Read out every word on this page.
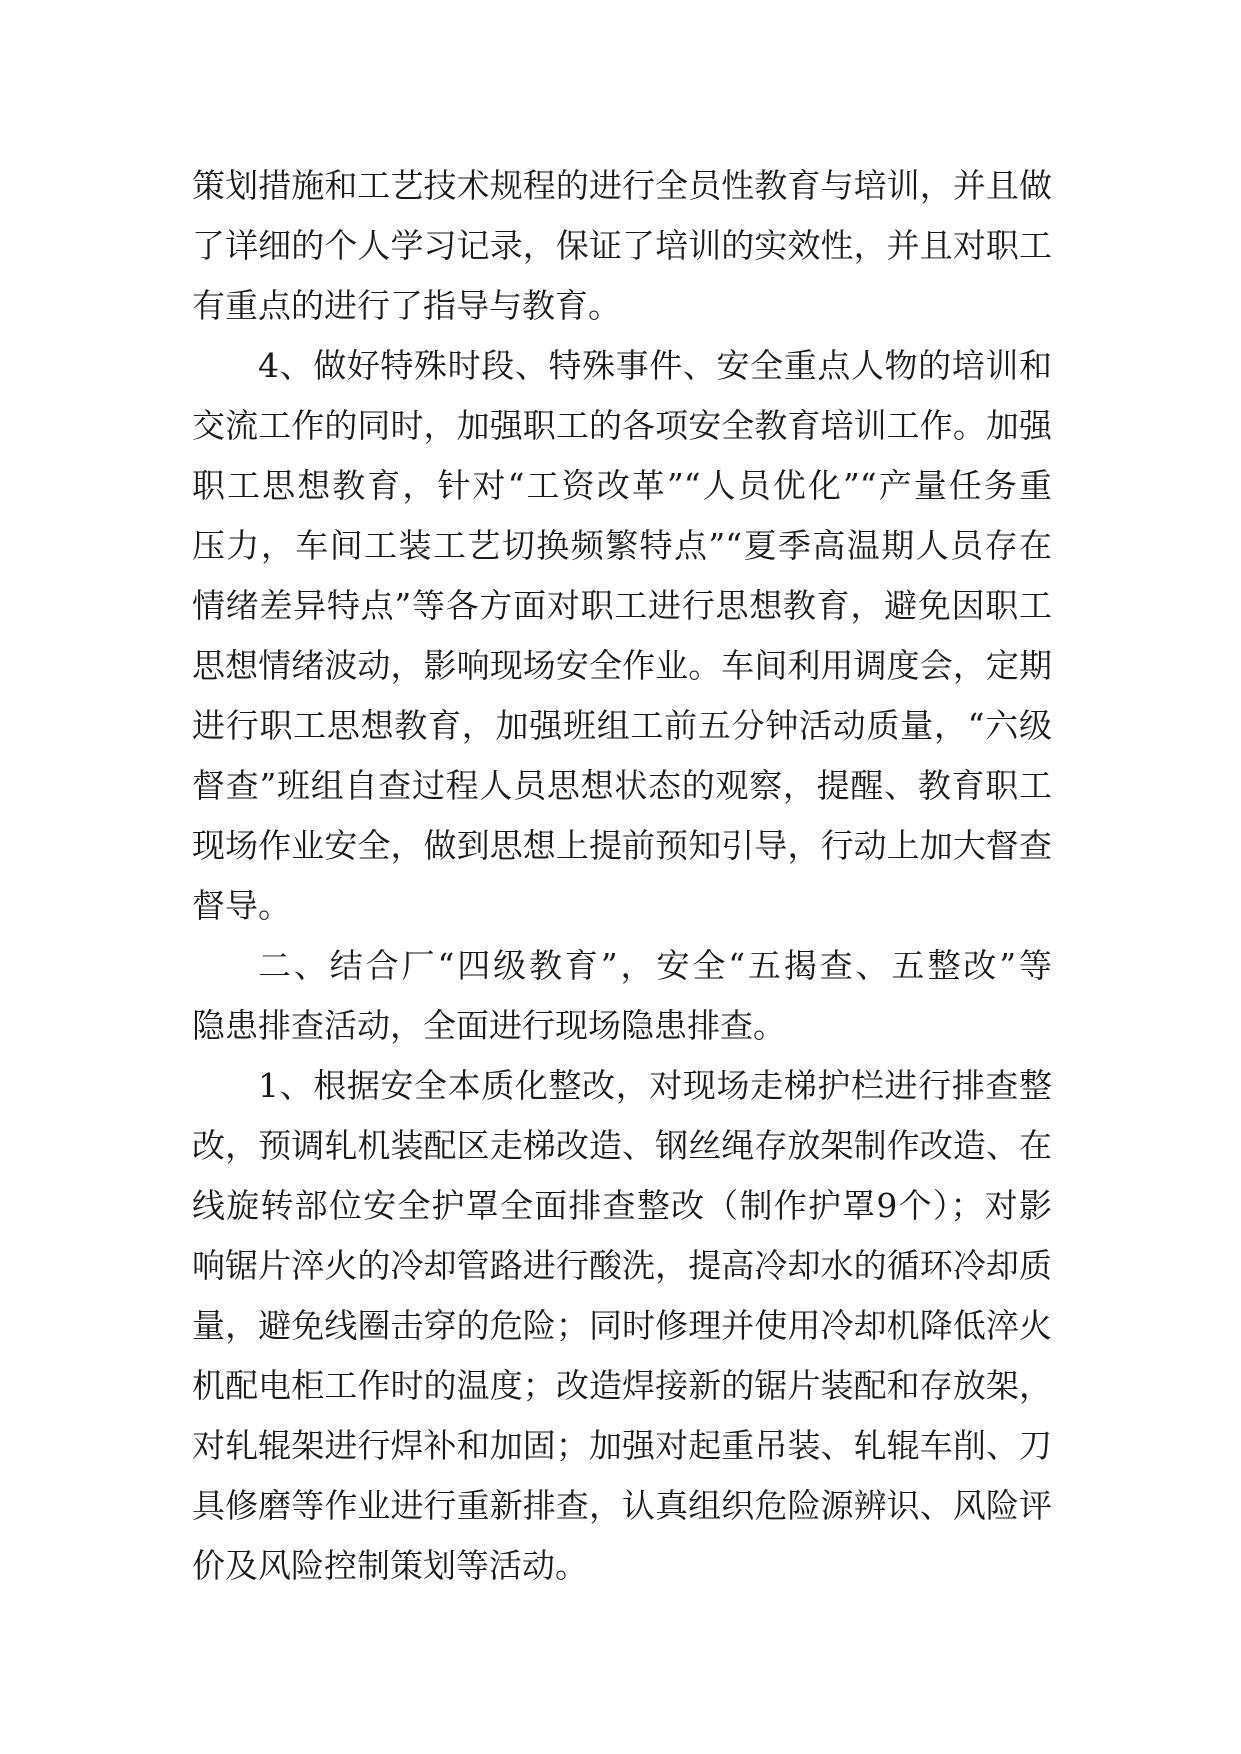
策划措施和工艺技术规程的进行全员性教育与培训，并且做
了详细的个人学习记录，保证了培训的实效性，并且对职工
有重点的进行了指导与教育。
4、做好特殊时段、特殊事件、安全重点人物的培训和
交流工作的同时，加强职工的各项安全教育培训工作。加强
职工思想教育，针对“工资改革”“人员优化”“产量任务重
压力，车间工装工艺切换频繁特点”“夏季高温期人员存在
情绪差异特点”等各方面对职工进行思想教育，避免因职工
思想情绪波动，影响现场安全作业。车间利用调度会，定期
进行职工思想教育，加强班组工前五分钟活动质量，“六级
督查”班组自查过程人员思想状态的观察，提醒、教育职工
现场作业安全，做到思想上提前预知引导，行动上加大督查
督导。
二、结合厂“四级教育”，安全“五揭查、五整改”等
隐患排查活动，全面进行现场隐患排查。
1、根据安全本质化整改，对现场走梯护栏进行排查整
改，预调轧机装配区走梯改造、钢丝绳存放架制作改造、在
线旋转部位安全护罩全面排查整改（制作护罩9个）；对影
响锯片淬火的冷却管路进行酸洗，提高冷却水的循环冷却质
量，避免线圈击穿的危险；同时修理并使用冷却机降低淬火
机配电柜工作时的温度；改造焊接新的锯片装配和存放架，
对轧辊架进行焊补和加固；加强对起重吊装、轧辊车削、刀
具修磨等作业进行重新排查，认真组织危险源辨识、风险评
价及风险控制策划等活动。
